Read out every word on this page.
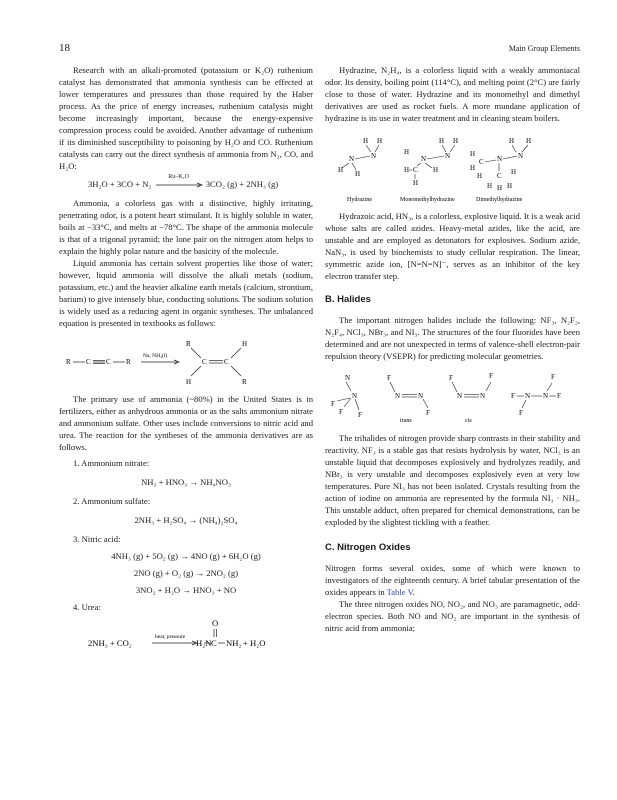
18	Main Group Elements

Research with an alkali-promoted (potassium or K₂O) ruthenium catalyst has demonstrated that ammonia synthesis can be effected at lower temperatures and pressures than those required by the Haber process. As the price of energy increases, ruthenium catalysis might become increasingly important, because the energy-expensive compression process could be avoided. Another advantage of ruthenium if its diminished susceptibility to poisoning by H₂O and CO. Ruthenium catalysts can carry out the direct synthesis of ammonia from N₂, CO, and H₂O:

3H₂O + 3CO + N₂
Ru–K₂O
3CO₂ (g) + 2NH₃ (g)

Ammonia, a colorless gas with a distinctive, highly irritating, penetrating odor, is a potent heart stimulant. It is highly soluble in water, boils at −33°C, and melts at −78°C. The shape of the ammonia molecule is that of a trigonal pyramid; the lone pair on the nitrogen atom helps to explain the highly polar nature and the basicity of the molecule.

Liquid ammonia has certain solvent properties like those of water; however, liquid ammonia will dissolve the alkali metals (sodium, potassium, etc.) and the heavier alkaline earth metals (calcium, strontium, barium) to give intensely blue, conducting solutions. The sodium solution is widely used as a reducing agent in organic syntheses. The unbalanced equation is presented in textbooks as follows:

R C C R
Na, NH₃(l)
R	H
C C
H	R

The primary use of ammonia (~80%) in the United States is in fertilizers, either as anhydrous ammonia or as the salts ammonium nitrate and ammonium sulfate. Other uses include conversions to nitric acid and urea. The reaction for the syntheses of the ammonia derivatives are as follows.

1. Ammonium nitrate:
NH₃ + HNO₃ → NH₄NO₃
2. Ammonium sulfate:
2NH₃ + H₂SO₄ → (NH₄)₂SO₄
3. Nitric acid:
4NH₃ (g) + 5O₂ (g) → 4NO (g) + 6H₂O (g)
2NO (g) + O₂ (g) → 2NO₂ (g)
3NO₂ + H₂O → HNO₃ + NO
4. Urea:
2NH₃ + CO₂
heat, pressure
O
H₂N C NH₂ + H₂O

Hydrazine, N₂H₄, is a colorless liquid with a weakly ammoniacal odor. Its density, boiling point (114°C), and melting point (2°C) are fairly close to those of water. Hydrazine and its monomethyl and dimethyl derivatives are used as rocket fuels. A more mundane application of hydrazine is its use in water treatment and in cleaning steam boilers.

H H
N
N
H H
H H
N
N
H
H C H
H
H H
N
N
H
H
C
H C
H H H
H
Hydrazine	Monomethylhydrazine	Dimethylhydrazine

Hydrazoic acid, HN₃, is a colorless, explosive liquid. It is a weak acid whose salts are called azides. Heavy-metal azides, like the acid, are unstable and are employed as detonators for explosives. Sodium azide, NaN₃, is used by biochemists to study cellular respiration. The linear, symmetric azide ion, [N=N=N]⁻, serves as an inhibitor of the key electron transfer step.

B. Halides

The important nitrogen halides include the following: NF₃, N₂F₂, N₂F₄, NCl₃, NBr₃, and NI₃. The structures of the four fluorides have been determined and are not unexpected in terms of valence-shell electron-pair repulsion theory (VSEPR) for predicting molecular geometries.

N
N
F
F F
F
N	N
F
trans
F
N	N
F
cis
F N N F
F
F

The trihalides of nitrogen provide sharp contrasts in their stability and reactivity. NF₃ is a stable gas that resists hydrolysis by water, NCl₃ is an unstable liquid that decomposes explosively and hydrolyzes readily, and NBr₃ is very unstable and decomposes explosively even at very low temperatures. Pure NI₃ has not been isolated. Crystals resulting from the action of iodine on ammonia are represented by the formula NI₃ · NH₃. This unstable adduct, often prepared for chemical demonstrations, can be exploded by the slightest tickling with a feather.

C. Nitrogen Oxides

Nitrogen forms several oxides, some of which were known to investigators of the eighteenth century. A brief tabular presentation of the oxides appears in Table V.

The three nitrogen oxides NO, NO₂, and NO₃ are paramagnetic, odd-electron species. Both NO and NO₂ are important in the synthesis of nitric acid from ammonia;
